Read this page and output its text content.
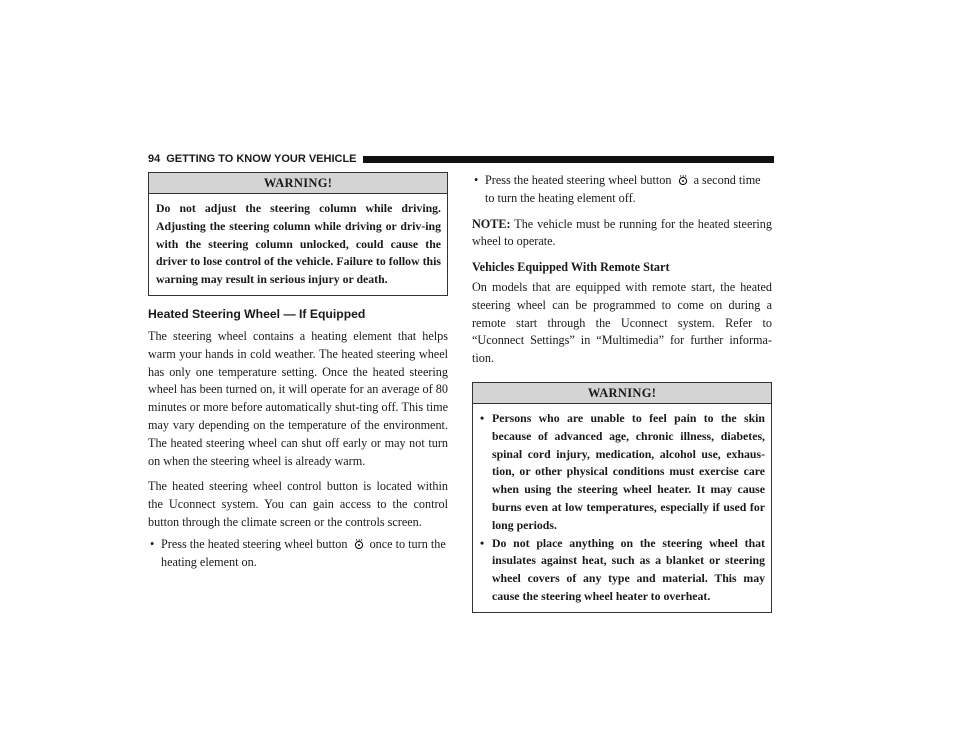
94 GETTING TO KNOW YOUR VEHICLE
WARNING!
Do not adjust the steering column while driving. Adjusting the steering column while driving or driv-ing with the steering column unlocked, could cause the driver to lose control of the vehicle. Failure to follow this warning may result in serious injury or death.
Heated Steering Wheel — If Equipped

The steering wheel contains a heating element that helps warm your hands in cold weather. The heated steering wheel has only one temperature setting. Once the heated steering wheel has been turned on, it will operate for an average of 80 minutes or more before automatically shut-ting off. This time may vary depending on the temperature of the environment. The heated steering wheel can shut off early or may not turn on when the steering wheel is already warm.

The heated steering wheel control button is located within the Uconnect system. You can gain access to the control button through the climate screen or the controls screen.

• Press the heated steering wheel button once to turn the heating element on.
• Press the heated steering wheel button a second time to turn the heating element off.

NOTE: The vehicle must be running for the heated steering wheel to operate.

Vehicles Equipped With Remote Start

On models that are equipped with remote start, the heated steering wheel can be programmed to come on during a remote start through the Uconnect system. Refer to “Uconnect Settings” in “Multimedia” for further informa-tion.

WARNING!
• Persons who are unable to feel pain to the skin because of advanced age, chronic illness, diabetes, spinal cord injury, medication, alcohol use, exhaus-tion, or other physical conditions must exercise care when using the steering wheel heater. It may cause burns even at low temperatures, especially if used for long periods.
• Do not place anything on the steering wheel that insulates against heat, such as a blanket or steering wheel covers of any type and material. This may cause the steering wheel heater to overheat.
